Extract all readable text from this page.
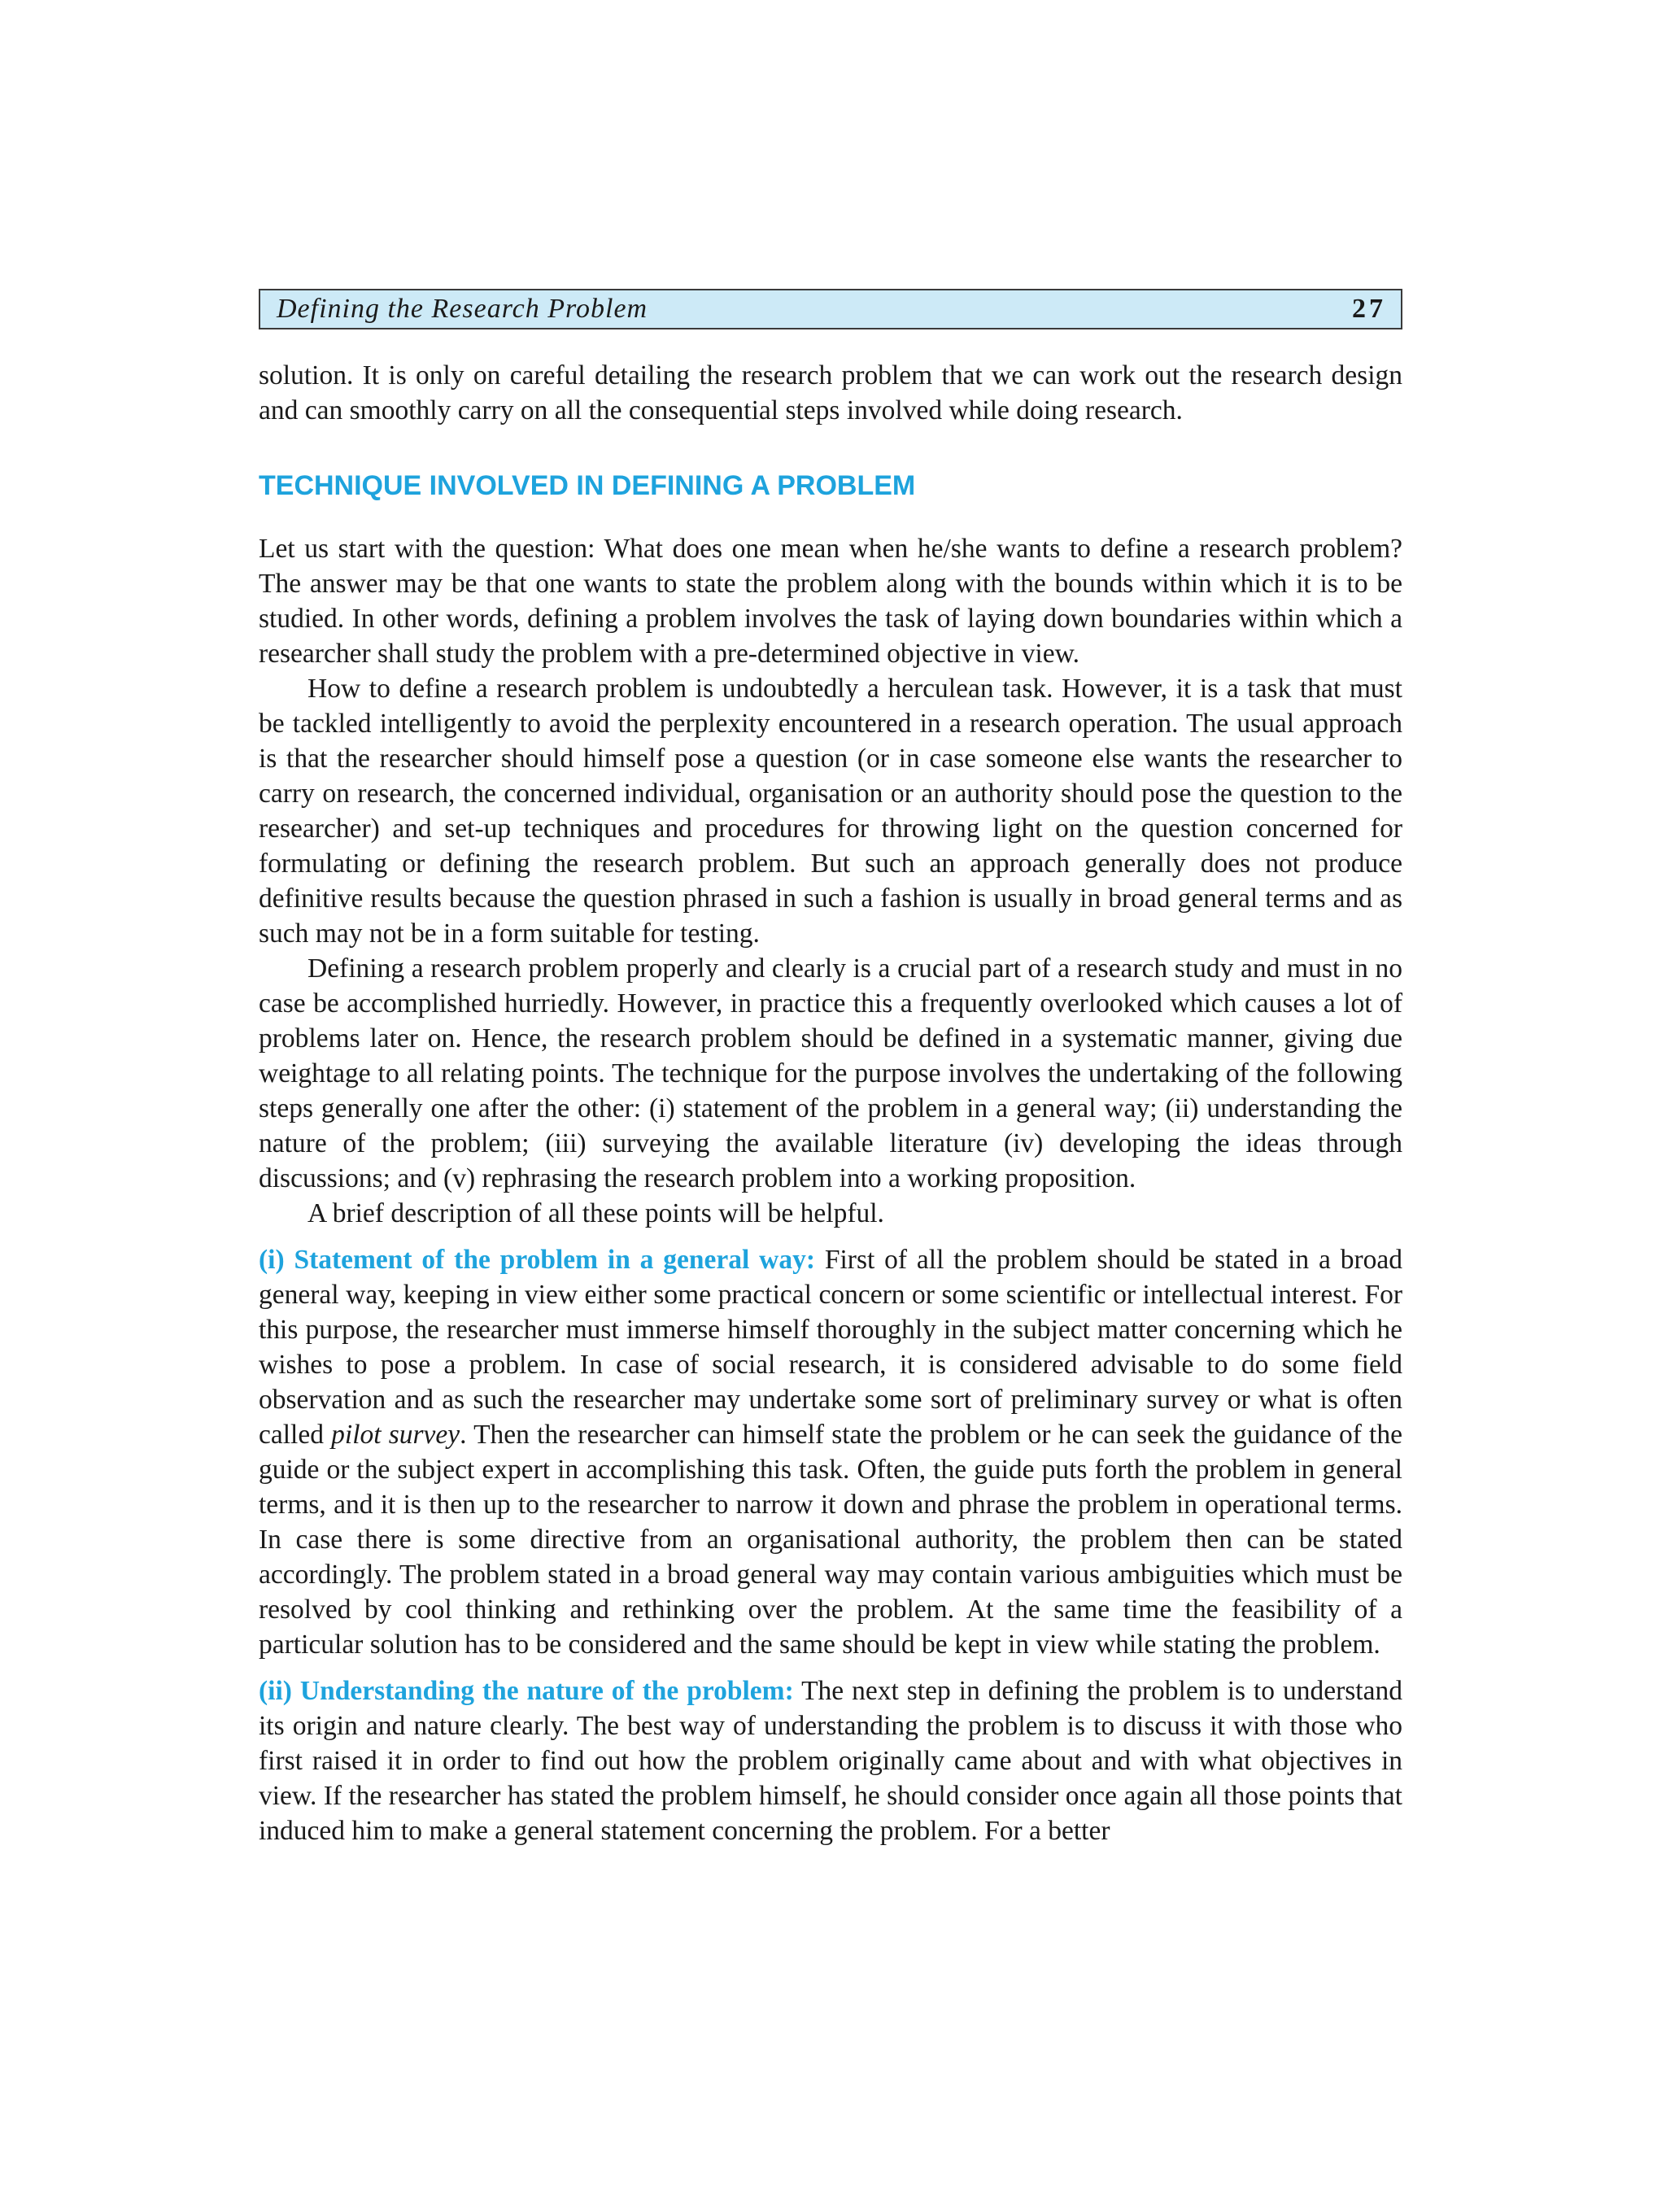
Defining the Research Problem	27

solution. It is only on careful detailing the research problem that we can work out the research design and can smoothly carry on all the consequential steps involved while doing research.

TECHNIQUE INVOLVED IN DEFINING A PROBLEM

Let us start with the question: What does one mean when he/she wants to define a research problem? The answer may be that one wants to state the problem along with the bounds within which it is to be studied. In other words, defining a problem involves the task of laying down boundaries within which a researcher shall study the problem with a pre-determined objective in view.

How to define a research problem is undoubtedly a herculean task. However, it is a task that must be tackled intelligently to avoid the perplexity encountered in a research operation. The usual approach is that the researcher should himself pose a question (or in case someone else wants the researcher to carry on research, the concerned individual, organisation or an authority should pose the question to the researcher) and set-up techniques and procedures for throwing light on the question concerned for formulating or defining the research problem. But such an approach generally does not produce definitive results because the question phrased in such a fashion is usually in broad general terms and as such may not be in a form suitable for testing.

Defining a research problem properly and clearly is a crucial part of a research study and must in no case be accomplished hurriedly. However, in practice this a frequently overlooked which causes a lot of problems later on. Hence, the research problem should be defined in a systematic manner, giving due weightage to all relating points. The technique for the purpose involves the undertaking of the following steps generally one after the other: (i) statement of the problem in a general way; (ii) understanding the nature of the problem; (iii) surveying the available literature (iv) developing the ideas through discussions; and (v) rephrasing the research problem into a working proposition.

A brief description of all these points will be helpful.

(i) Statement of the problem in a general way: First of all the problem should be stated in a broad general way, keeping in view either some practical concern or some scientific or intellectual interest. For this purpose, the researcher must immerse himself thoroughly in the subject matter concerning which he wishes to pose a problem. In case of social research, it is considered advisable to do some field observation and as such the researcher may undertake some sort of preliminary survey or what is often called pilot survey. Then the researcher can himself state the problem or he can seek the guidance of the guide or the subject expert in accomplishing this task. Often, the guide puts forth the problem in general terms, and it is then up to the researcher to narrow it down and phrase the problem in operational terms. In case there is some directive from an organisational authority, the problem then can be stated accordingly. The problem stated in a broad general way may contain various ambiguities which must be resolved by cool thinking and rethinking over the problem. At the same time the feasibility of a particular solution has to be considered and the same should be kept in view while stating the problem.

(ii) Understanding the nature of the problem: The next step in defining the problem is to understand its origin and nature clearly. The best way of understanding the problem is to discuss it with those who first raised it in order to find out how the problem originally came about and with what objectives in view. If the researcher has stated the problem himself, he should consider once again all those points that induced him to make a general statement concerning the problem. For a better
